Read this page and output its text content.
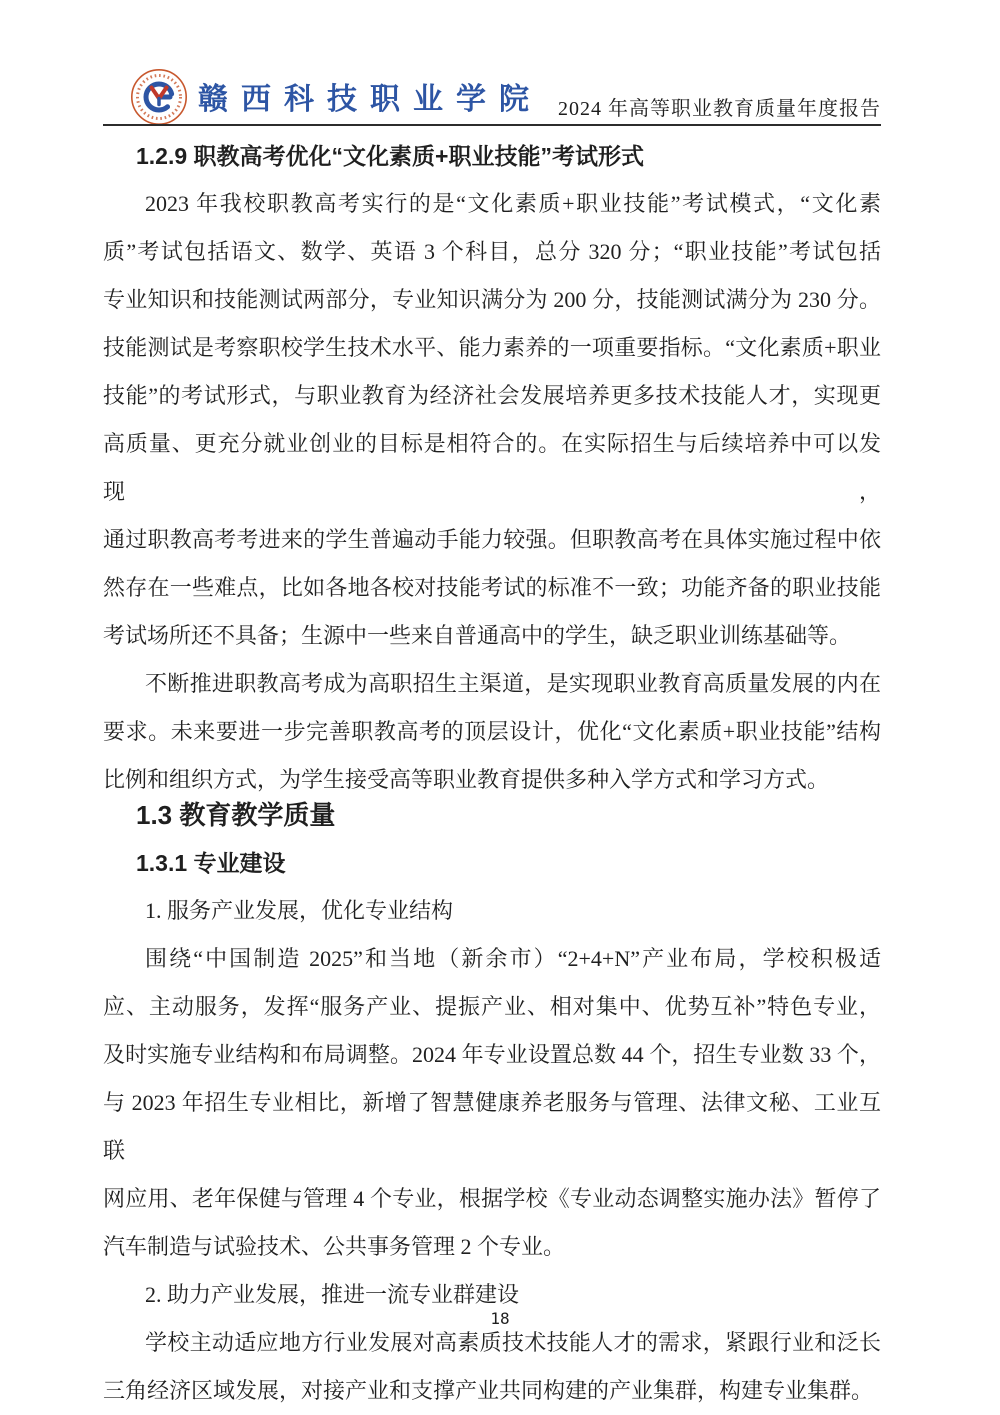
赣西科技职业学院 2024 年高等职业教育质量年度报告
1.2.9 职教高考优化“文化素质+职业技能”考试形式
2023 年我校职教高考实行的是“文化素质+职业技能”考试模式，“文化素
质”考试包括语文、数学、英语 3 个科目，总分 320 分；“职业技能”考试包括
专业知识和技能测试两部分，专业知识满分为 200 分，技能测试满分为 230 分。
技能测试是考察职校学生技术水平、能力素养的一项重要指标。“文化素质+职业
技能”的考试形式，与职业教育为经济社会发展培养更多技术技能人才，实现更
高质量、更充分就业创业的目标是相符合的。在实际招生与后续培养中可以发现，
通过职教高考考进来的学生普遍动手能力较强。但职教高考在具体实施过程中依
然存在一些难点，比如各地各校对技能考试的标准不一致；功能齐备的职业技能
考试场所还不具备；生源中一些来自普通高中的学生，缺乏职业训练基础等。
不断推进职教高考成为高职招生主渠道，是实现职业教育高质量发展的内在
要求。未来要进一步完善职教高考的顶层设计，优化“文化素质+职业技能”结构
比例和组织方式，为学生接受高等职业教育提供多种入学方式和学习方式。
1.3 教育教学质量
1.3.1 专业建设
1. 服务产业发展，优化专业结构
围绕“中国制造 2025”和当地（新余市）“2+4+N”产业布局，学校积极适
应、主动服务，发挥“服务产业、提振产业、相对集中、优势互补”特色专业，
及时实施专业结构和布局调整。2024 年专业设置总数 44 个，招生专业数 33 个，
与 2023 年招生专业相比，新增了智慧健康养老服务与管理、法律文秘、工业互联
网应用、老年保健与管理 4 个专业，根据学校《专业动态调整实施办法》暂停了
汽车制造与试验技术、公共事务管理 2 个专业。
2. 助力产业发展，推进一流专业群建设
学校主动适应地方行业发展对高素质技术技能人才的需求，紧跟行业和泛长
三角经济区域发展，对接产业和支撑产业共同构建的产业集群，构建专业集群。
18
